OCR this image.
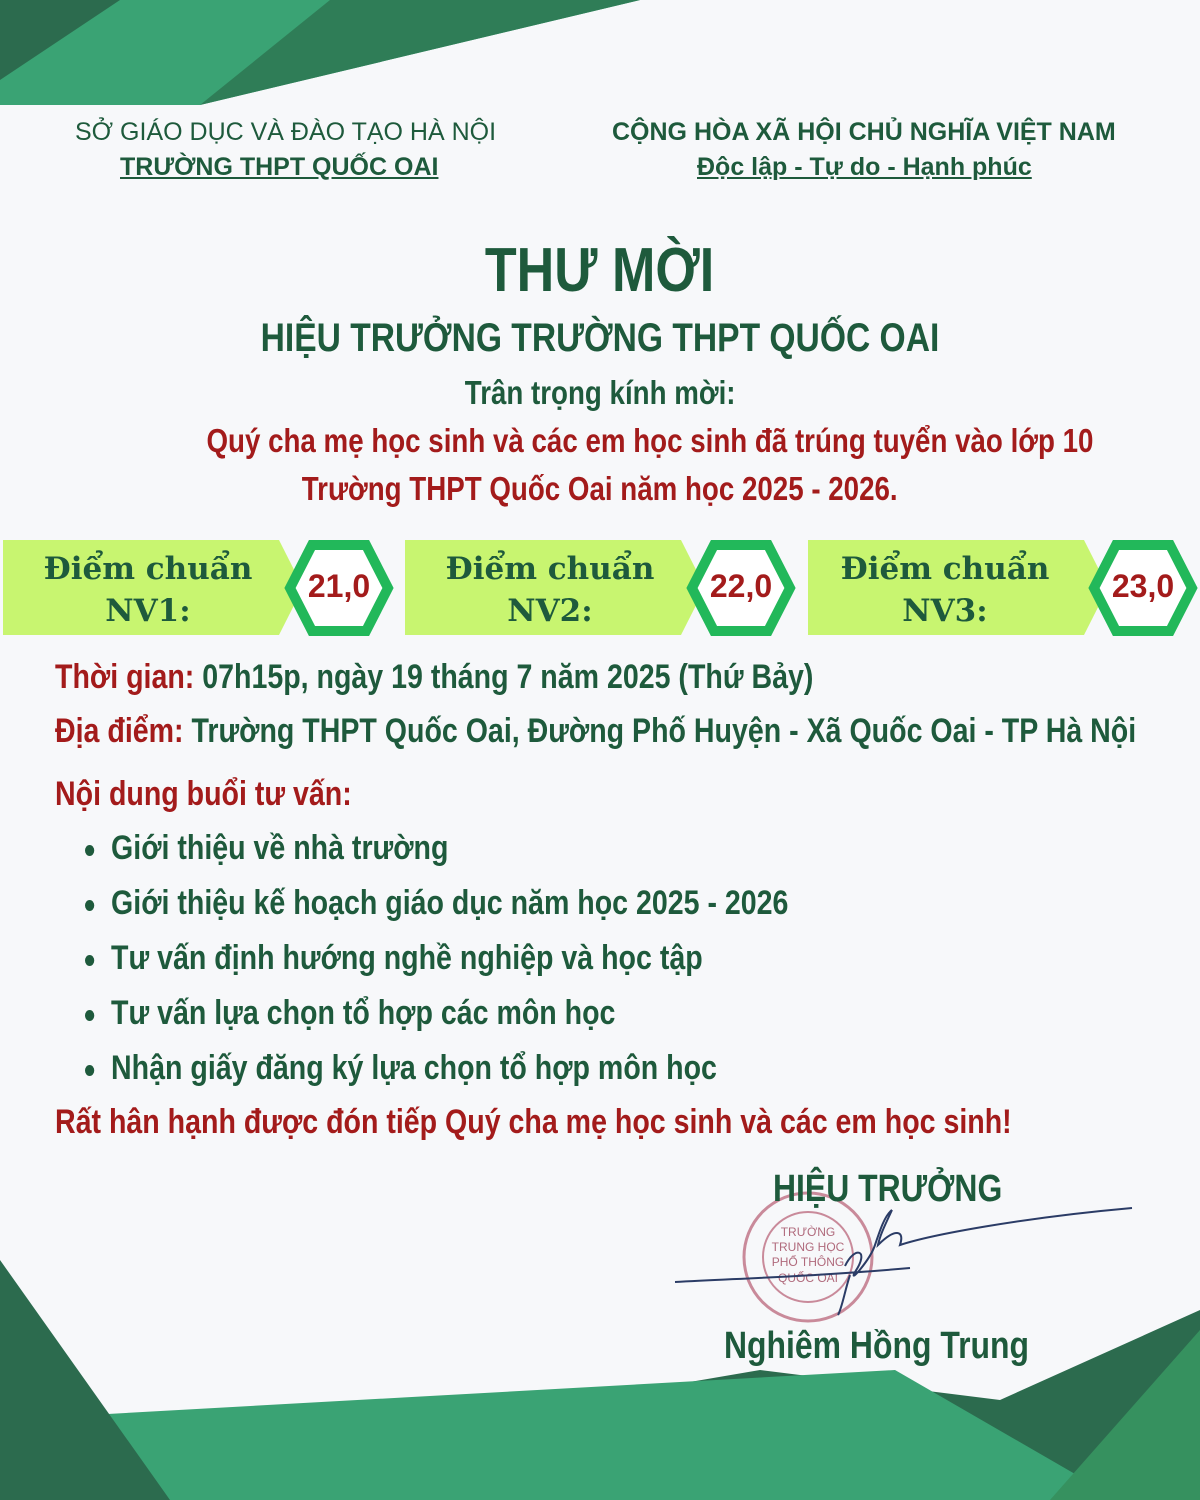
SỞ GIÁO DỤC VÀ ĐÀO TẠO HÀ NỘI
TRƯỜNG THPT QUỐC OAI
CỘNG HÒA XÃ HỘI CHỦ NGHĨA VIỆT NAM
Độc lập - Tự do - Hạnh phúc
THƯ MỜI
HIỆU TRƯỞNG TRƯỜNG THPT QUỐC OAI
Trân trọng kính mời:
Quý cha mẹ học sinh và các em học sinh đã trúng tuyển vào lớp 10
Trường THPT Quốc Oai năm học 2025 - 2026.
Điểm chuẩn
NV1:
21,0	Điểm chuẩn
NV2:
22,0	Điểm chuẩn
NV3:
23,0
Thời gian: 07h15p, ngày 19 tháng 7 năm 2025 (Thứ Bảy)
Địa điểm: Trường THPT Quốc Oai, Đường Phố Huyện - Xã Quốc Oai - TP Hà Nội
Nội dung buổi tư vấn:
Giới thiệu về nhà trường
Giới thiệu kế hoạch giáo dục năm học 2025 - 2026
Tư vấn định hướng nghề nghiệp và học tập
Tư vấn lựa chọn tổ hợp các môn học
Nhận giấy đăng ký lựa chọn tổ hợp môn học
Rất hân hạnh được đón tiếp Quý cha mẹ học sinh và các em học sinh!
TRƯỜNG
TRUNG HỌC
PHỔ THÔNG
QUỐC OAI
HIỆU TRƯỞNG
Nghiêm Hồng Trung
